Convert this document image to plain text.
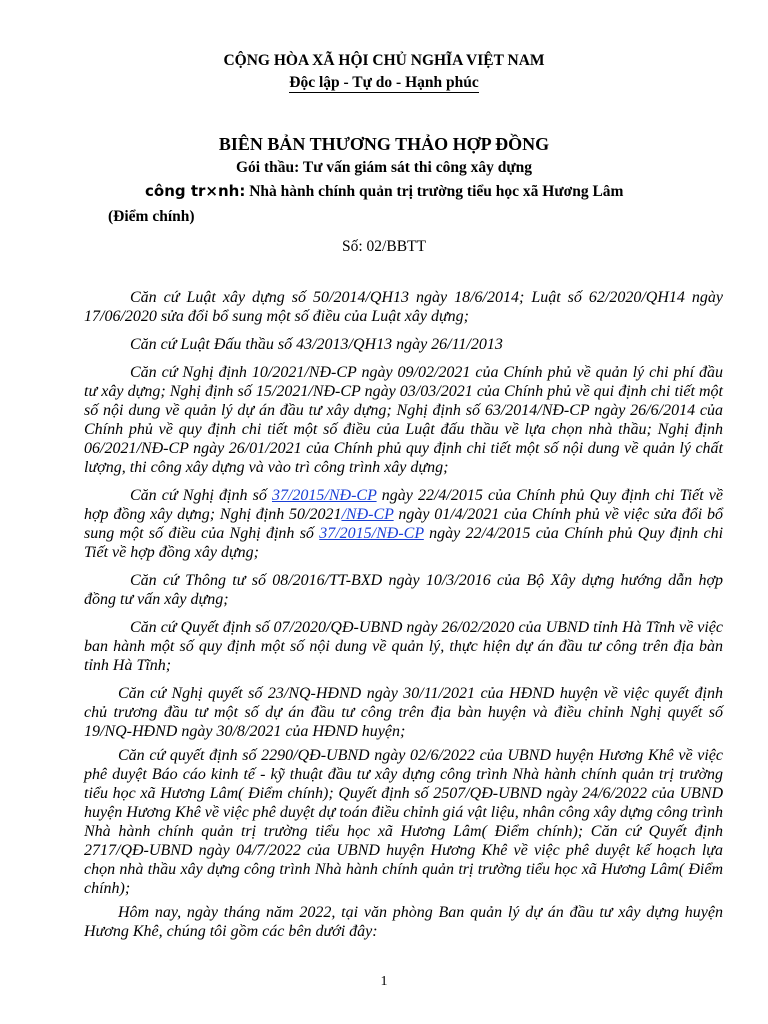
CỘNG HÒA XÃ HỘI CHỦ NGHĨA VIỆT NAM
Độc lập - Tự do - Hạnh phúc
BIÊN BẢN THƯƠNG THẢO HỢP ĐỒNG
Gói thầu: Tư vấn giám sát thi công xây dựng
công tr×nh: Nhà hành chính quản trị trường tiểu học xã Hương Lâm
(Điểm chính)
Số: 02/BBTT

Căn cứ Luật xây dựng số 50/2014/QH13 ngày 18/6/2014; Luật số 62/2020/QH14 ngày 17/06/2020 sửa đổi bổ sung một số điều của Luật xây dựng;

Căn cứ Luật Đấu thầu số 43/2013/QH13 ngày 26/11/2013

Căn cứ Nghị định 10/2021/NĐ-CP ngày 09/02/2021 của Chính phủ về quản lý chi phí đầu tư xây dựng; Nghị định số 15/2021/NĐ-CP ngày 03/03/2021 của Chính phủ về qui định chi tiết một số nội dung về quản lý dự án đầu tư xây dựng; Nghị định số 63/2014/NĐ-CP ngày 26/6/2014 của Chính phủ về quy định chi tiết một số điều của Luật đấu thầu về lựa chọn nhà thầu; Nghị định 06/2021/NĐ-CP ngày 26/01/2021 của Chính phủ quy định chi tiết một số nội dung về quản lý chất lượng, thi công xây dựng và vào trì công trình xây dựng;

Căn cứ Nghị định số 37/2015/NĐ-CP ngày 22/4/2015 của Chính phủ Quy định chi Tiết về hợp đồng xây dựng; Nghị định 50/2021/NĐ-CP ngày 01/4/2021 của Chính phủ về việc sửa đổi bổ sung một số điều của Nghị định số 37/2015/NĐ-CP ngày 22/4/2015 của Chính phủ Quy định chi Tiết về hợp đồng xây dựng;

Căn cứ Thông tư số 08/2016/TT-BXD ngày 10/3/2016 của Bộ Xây dựng hướng dẫn hợp đồng tư vấn xây dựng;

Căn cứ Quyết định số 07/2020/QĐ-UBND ngày 26/02/2020 của UBND tỉnh Hà Tĩnh về việc ban hành một số quy định một số nội dung về quản lý, thực hiện dự án đầu tư công trên địa bàn tỉnh Hà Tĩnh;

Căn cứ Nghị quyết số 23/NQ-HĐND ngày 30/11/2021 của HĐND huyện về việc quyết định chủ trương đầu tư một số dự án đầu tư công trên địa bàn huyện và điều chỉnh Nghị quyết số 19/NQ-HĐND ngày 30/8/2021 của HĐND huyện;

Căn cứ quyết định số 2290/QĐ-UBND ngày 02/6/2022 của UBND huyện Hương Khê về việc phê duyệt Báo cáo kinh tế - kỹ thuật đầu tư xây dựng công trình Nhà hành chính quản trị trường tiểu học xã Hương Lâm( Điểm chính); Quyết định số 2507/QĐ-UBND ngày 24/6/2022 của UBND huyện Hương Khê về việc phê duyệt dự toán điều chỉnh giá vật liệu, nhân công xây dựng công trình Nhà hành chính quản trị trường tiểu học xã Hương Lâm( Điểm chính); Căn cứ Quyết định 2717/QĐ-UBND ngày 04/7/2022 của UBND huyện Hương Khê về việc phê duyệt kế hoạch lựa chọn nhà thầu xây dựng công trình Nhà hành chính quản trị trường tiểu học xã Hương Lâm( Điểm chính);

Hôm nay, ngày tháng năm 2022, tại văn phòng Ban quản lý dự án đầu tư xây dựng huyện Hương Khê, chúng tôi gồm các bên dưới đây:

1
